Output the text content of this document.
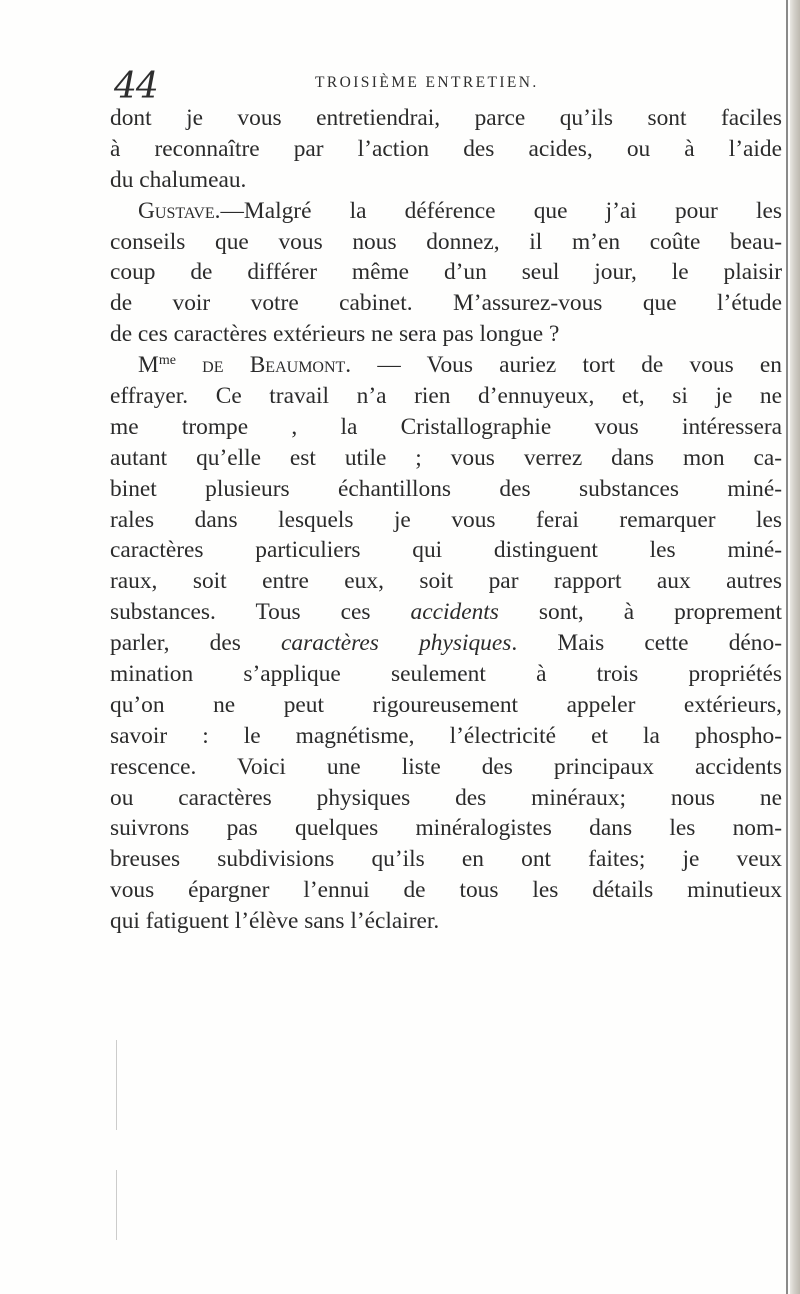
44	TROISIÈME ENTRETIEN.
dont je vous entretiendrai, parce qu’ils sont faciles
à reconnaître par l’action des acides, ou à l’aide
du chalumeau.
Gustave.—Malgré la déférence que j’ai pour les
conseils que vous nous donnez, il m’en coûte beau-
coup de différer même d’un seul jour, le plaisir
de voir votre cabinet. M’assurez-vous que l’étude
de ces caractères extérieurs ne sera pas longue ?
$M^{me}$ de Beaumont. — Vous auriez tort de vous en
effrayer. Ce travail n’a rien d’ennuyeux, et, si je ne
me trompe , la Cristallographie vous intéressera
autant qu’elle est utile ; vous verrez dans mon ca-
binet plusieurs échantillons des substances miné-
rales dans lesquels je vous ferai remarquer les
caractères particuliers qui distinguent les miné-
raux, soit entre eux, soit par rapport aux autres
substances. Tous ces accidents sont, à proprement
parler, des caractères physiques. Mais cette déno-
mination s’applique seulement à trois propriétés
qu’on ne peut rigoureusement appeler extérieurs,
savoir : le magnétisme, l’électricité et la phospho-
rescence. Voici une liste des principaux accidents
ou caractères physiques des minéraux; nous ne
suivrons pas quelques minéralogistes dans les nom-
breuses subdivisions qu’ils en ont faites; je veux
vous épargner l’ennui de tous les détails minutieux
qui fatiguent l’élève sans l’éclairer.
